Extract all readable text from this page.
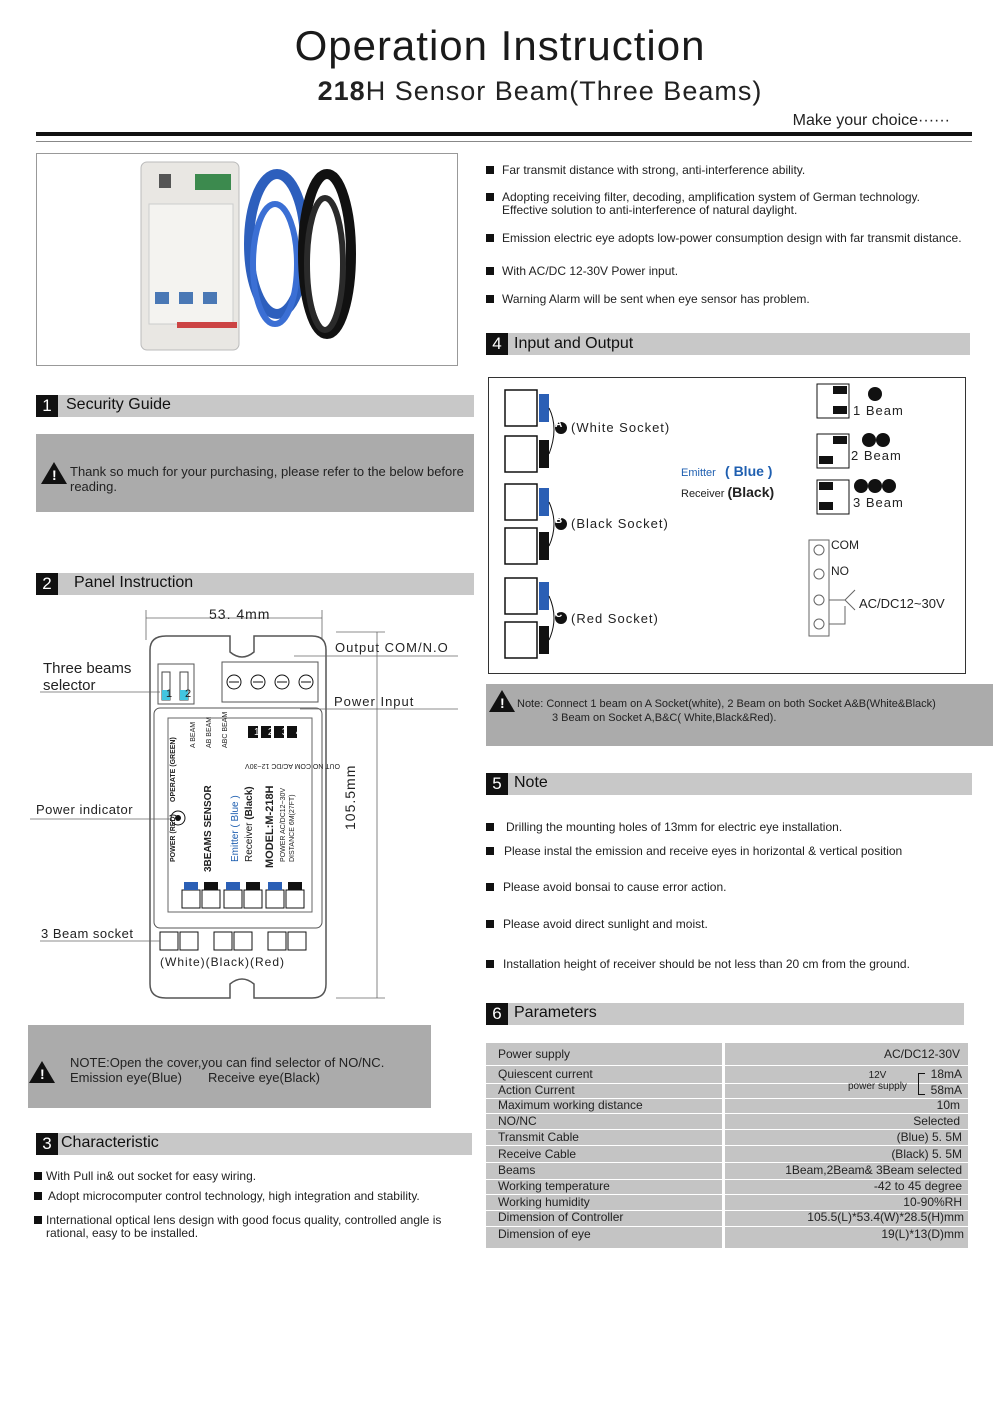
Operation Instruction
218H Sensor Beam(Three Beams)
Make your choice······
Far transmit distance with strong, anti-interference ability.
Adopting receiving filter, decoding, amplification system of German technology. Effective solution to anti-interference of natural daylight.
Emission electric eye adopts low-power consumption design with far transmit distance.
With AC/DC 12-30V Power input.
Warning Alarm will be sent when eye sensor has problem.
1 Security Guide
! Thank so much for your purchasing, please refer to the below before reading.
2	Panel Instruction
53. 4mm
Output COM/N.O
Three beams
selector	1 2	Power Input
Power indicator
3 Beam socket
(White)(Black)(Red)
1 2 3 4
105.5mm
3BEAMS SENSOR Emitter ( Blue )
Receiver (Black) MODEL:M-218H POWER AC/DC12~30V DISTANCE 6M(27FT)
OPERATE (GREEN)
POWER (RED)
A BEAM AB BEAM ABC BEAM
OUT NO COM AC/DC 12~30V
!
NOTE:Open the cover,you can find selector of NO/NC.
Emission eye(Blue) Receive eye(Black)
3 Characteristic
With Pull in& out socket for easy wiring.
Adopt microcomputer control technology, high integration and stability.
International optical lens design with good focus quality, controlled angle is rational, easy to be installed.
4 Input and Output
A
B
C
(White Socket)
(Black Socket)
(Red Socket)
Emitter ( Blue )
Receiver (Black)
1 Beam
2 Beam
3 Beam
COM
NO
AC/DC12~30V
! Note: Connect 1 beam on A Socket(white), 2 Beam on both Socket A&B(White&Black)
3 Beam on Socket A,B&C( White,Black&Red).
5 Note
Drilling the mounting holes of 13mm for electric eye installation.
Please instal the emission and receive eyes in horizontal & vertical position
Please avoid bonsai to cause error action.
Please avoid direct sunlight and moist.
Installation height of receiver should be not less than 20 cm from the ground.
6 Parameters
Power supply	AC/DC12-30V
Quiescent current	18mA
Action Current	58mA
12V
power supply
Maximum working distance	10m
NO/NC	Selected
Transmit Cable	(Blue) 5. 5M
Receive Cable	(Black) 5. 5M
Beams	1Beam,2Beam& 3Beam selected
Working temperature	-42 to 45 degree
Working humidity	10-90%RH
Dimension of Controller	105.5(L)*53.4(W)*28.5(H)mm
Dimension of eye	19(L)*13(D)mm
